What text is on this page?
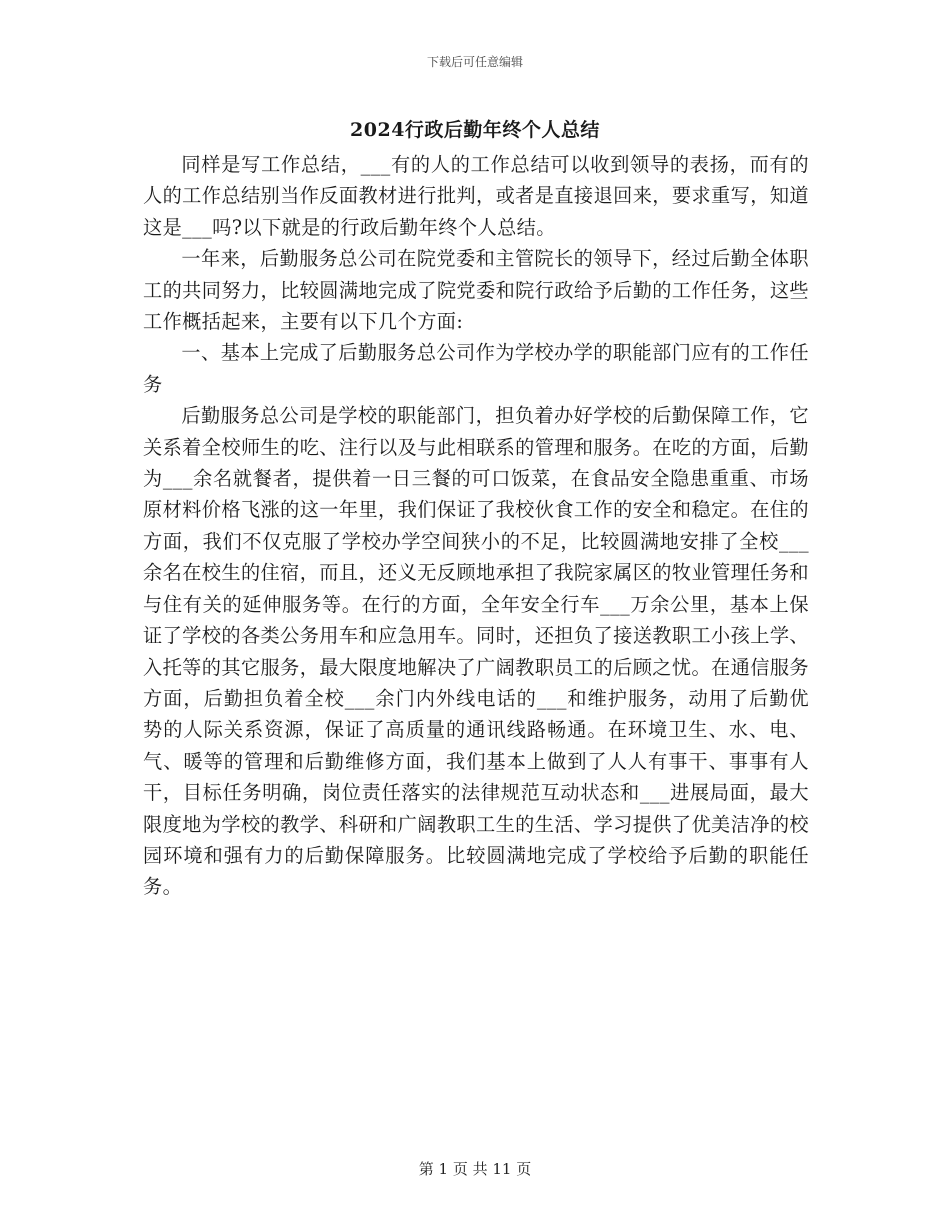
下载后可任意编辑
2024行政后勤年终个人总结

同样是写工作总结，___有的人的工作总结可以收到领导的表扬，而有的人的工作总结别当作反面教材进行批判，或者是直接退回来，要求重写，知道这是___吗?以下就是的行政后勤年终个人总结。

一年来，后勤服务总公司在院党委和主管院长的领导下，经过后勤全体职工的共同努力，比较圆满地完成了院党委和院行政给予后勤的工作任务，这些工作概括起来，主要有以下几个方面:

一、基本上完成了后勤服务总公司作为学校办学的职能部门应有的工作任务

后勤服务总公司是学校的职能部门，担负着办好学校的后勤保障工作，它关系着全校师生的吃、注行以及与此相联系的管理和服务。在吃的方面，后勤为___余名就餐者，提供着一日三餐的可口饭菜，在食品安全隐患重重、市场原材料价格飞涨的这一年里，我们保证了我校伙食工作的安全和稳定。在住的方面，我们不仅克服了学校办学空间狭小的不足，比较圆满地安排了全校___余名在校生的住宿，而且，还义无反顾地承担了我院家属区的牧业管理任务和与住有关的延伸服务等。在行的方面，全年安全行车___万余公里，基本上保证了学校的各类公务用车和应急用车。同时，还担负了接送教职工小孩上学、入托等的其它服务，最大限度地解决了广阔教职员工的后顾之忧。在通信服务方面，后勤担负着全校___余门内外线电话的___和维护服务，动用了后勤优势的人际关系资源，保证了高质量的通讯线路畅通。在环境卫生、水、电、气、暖等的管理和后勤维修方面，我们基本上做到了人人有事干、事事有人干，目标任务明确，岗位责任落实的法律规范互动状态和___进展局面，最大限度地为学校的教学、科研和广阔教职工生的生活、学习提供了优美洁净的校园环境和强有力的后勤保障服务。比较圆满地完成了学校给予后勤的职能任务。

第 1 页 共 11 页
